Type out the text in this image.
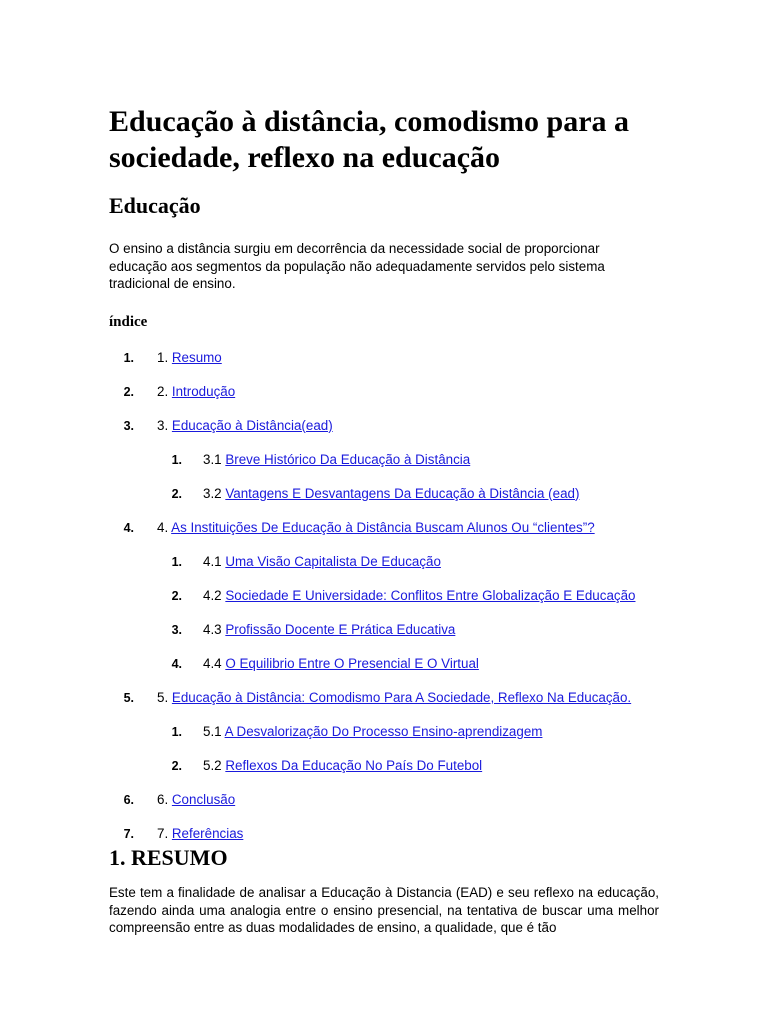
Educação à distância, comodismo para a sociedade, reflexo na educação
Educação

O ensino a distância surgiu em decorrência da necessidade social de proporcionar educação aos segmentos da população não adequadamente servidos pelo sistema tradicional de ensino.

índice
1. 1. Resumo
2. 2. Introdução
3. 3. Educação à Distância(ead)
1. 3.1 Breve Histórico Da Educação à Distância
2. 3.2 Vantagens E Desvantagens Da Educação à Distância (ead)
4. 4. As Instituições De Educação à Distância Buscam Alunos Ou “clientes”?
1. 4.1 Uma Visão Capitalista De Educação
2. 4.2 Sociedade E Universidade: Conflitos Entre Globalização E Educação
3. 4.3 Profissão Docente E Prática Educativa
4. 4.4 O Equilibrio Entre O Presencial E O Virtual
5. 5. Educação à Distância: Comodismo Para A Sociedade, Reflexo Na Educação.
1. 5.1 A Desvalorização Do Processo Ensino-aprendizagem
2. 5.2 Reflexos Da Educação No País Do Futebol
6. 6. Conclusão
7. 7. Referências
1. RESUMO

Este tem a finalidade de analisar a Educação à Distancia (EAD) e seu reflexo na educação, fazendo ainda uma analogia entre o ensino presencial, na tentativa de buscar uma melhor compreensão entre as duas modalidades de ensino, a qualidade, que é tão
